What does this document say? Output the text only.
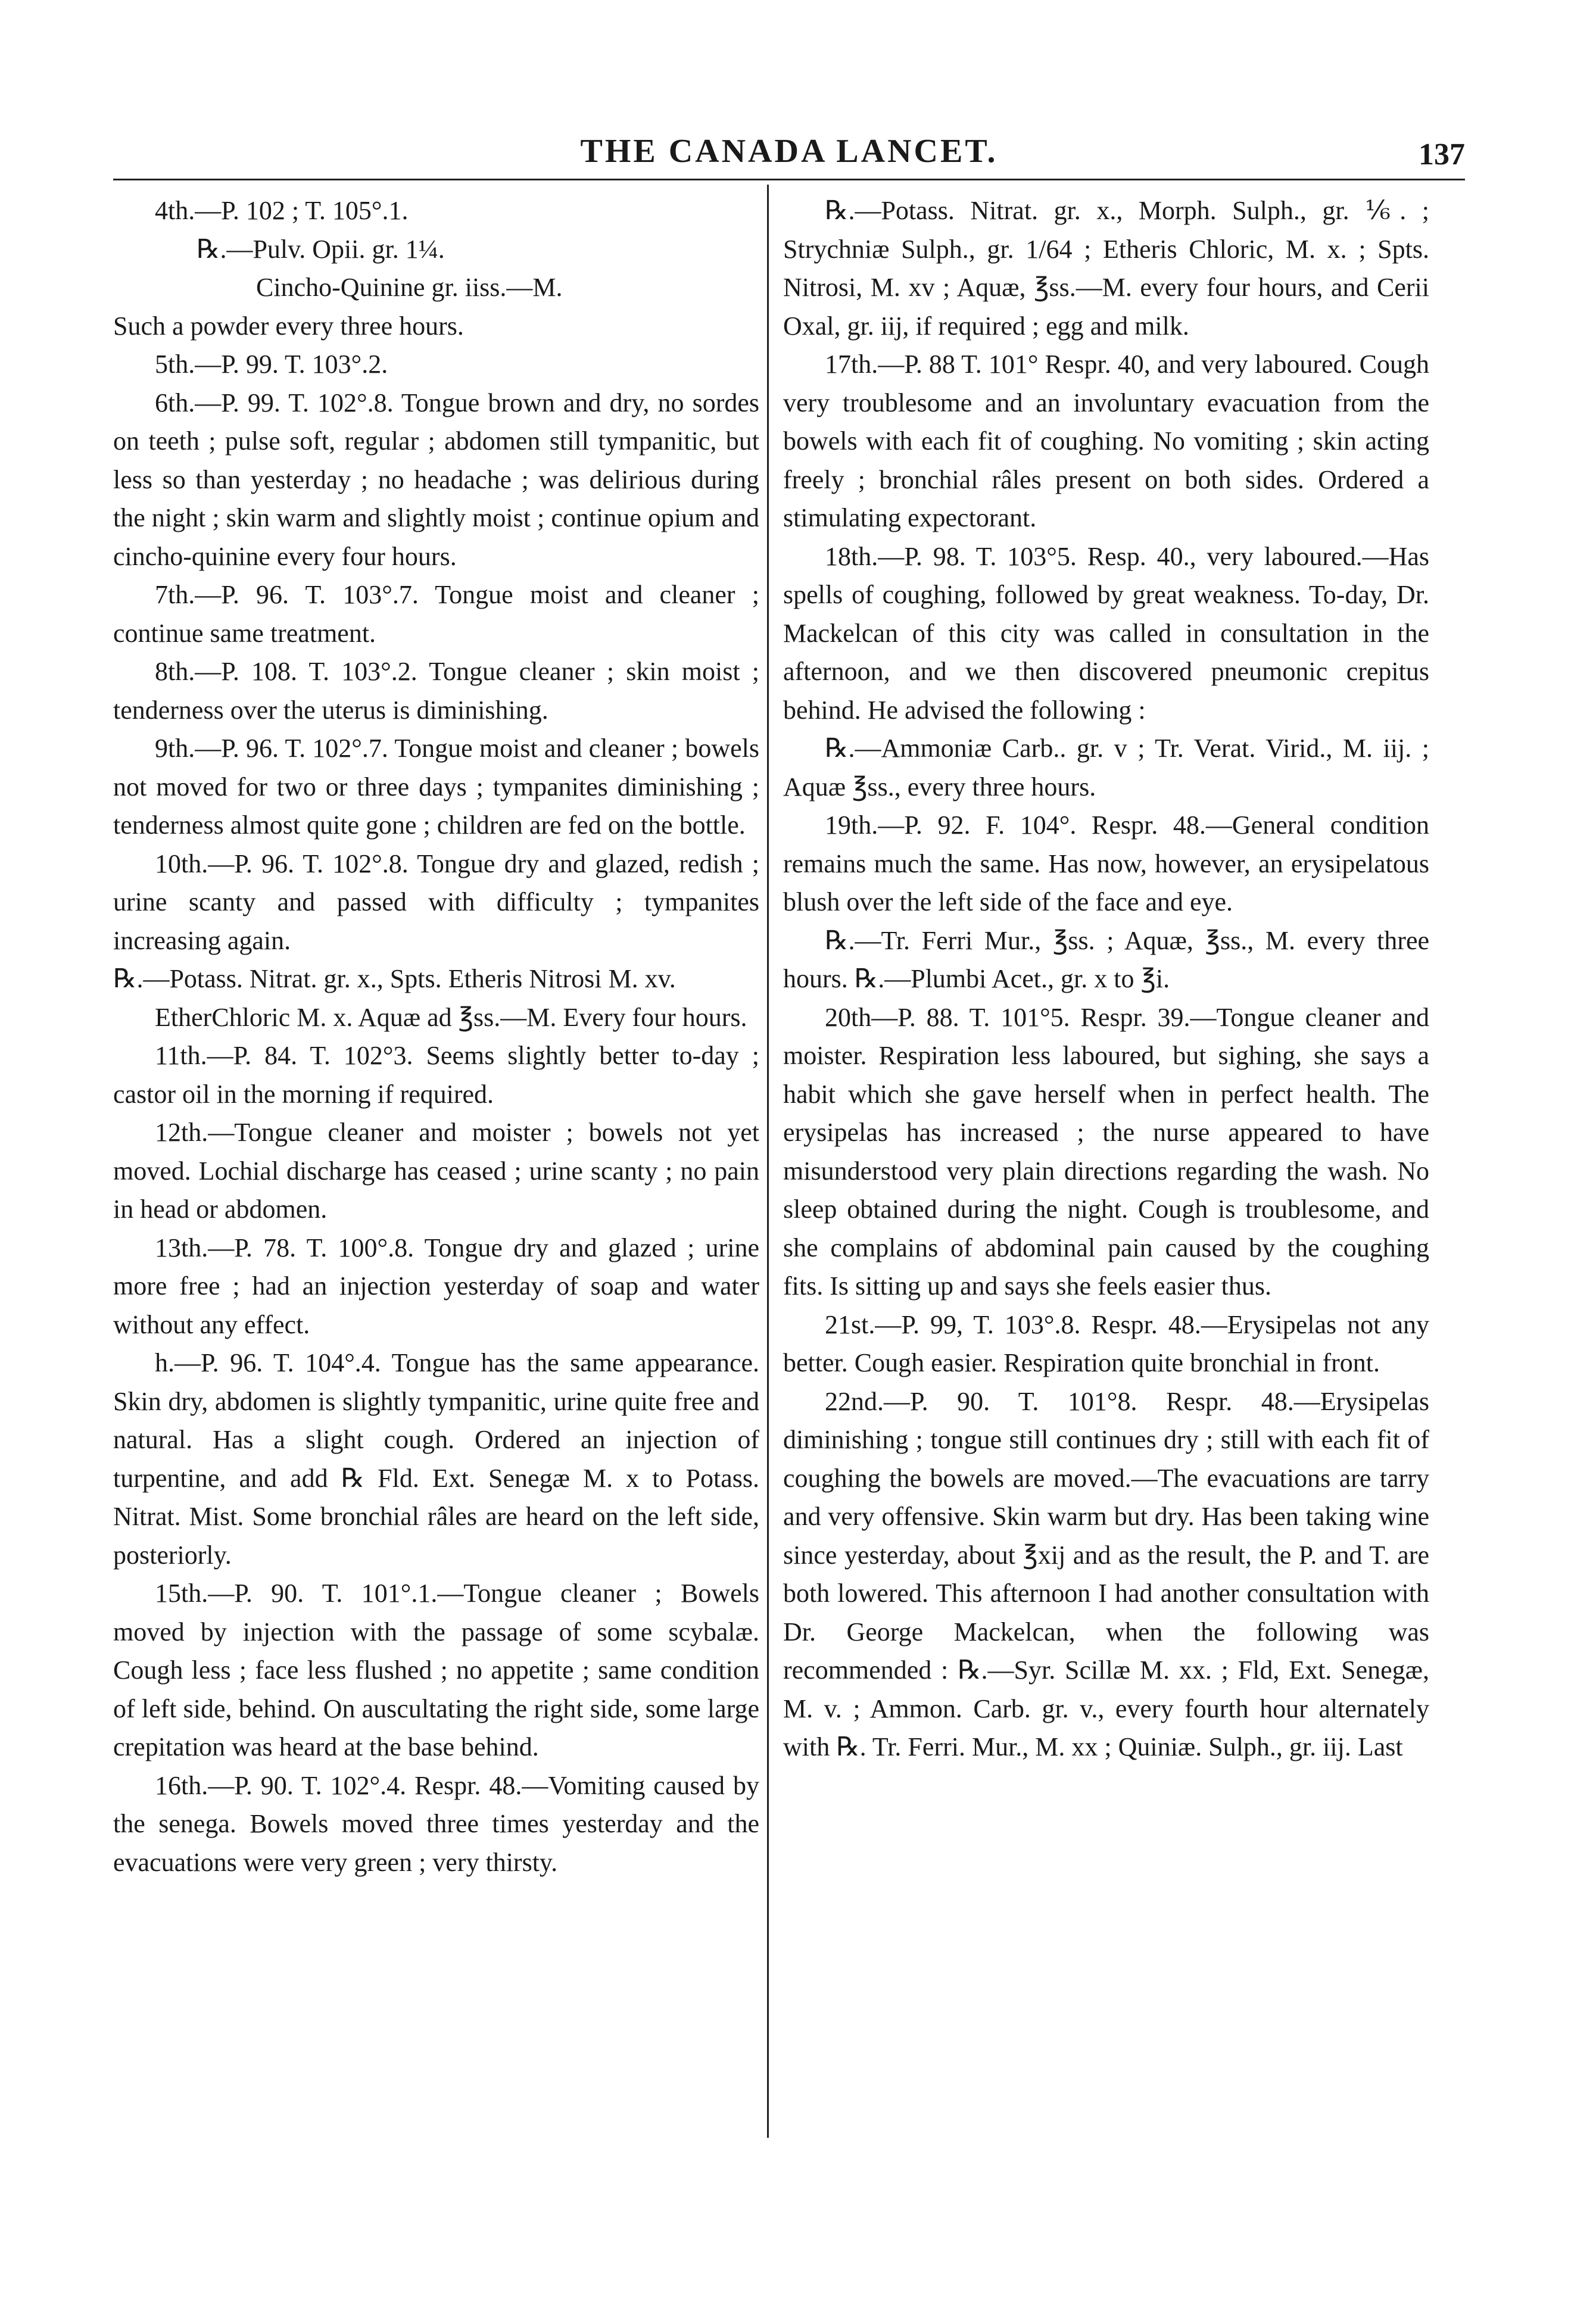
THE CANADA LANCET.	137

4th.—P. 102 ; T. 105°.1.

℞.—Pulv. Opii. gr. 1¼.

Cincho-Quinine gr. iiss.—M.

Such a powder every three hours.

5th.—P. 99. T. 103°.2.

6th.—P. 99. T. 102°.8. Tongue brown and dry, no sordes on teeth ; pulse soft, regular ; abdomen still tympanitic, but less so than yesterday ; no headache ; was delirious during the night ; skin warm and slightly moist ; continue opium and cincho-quinine every four hours.

7th.—P. 96. T. 103°.7. Tongue moist and cleaner ; continue same treatment.

8th.—P. 108. T. 103°.2. Tongue cleaner ; skin moist ; tenderness over the uterus is diminishing.

9th.—P. 96. T. 102°.7. Tongue moist and cleaner ; bowels not moved for two or three days ; tympanites diminishing ; tenderness almost quite gone ; children are fed on the bottle.

10th.—P. 96. T. 102°.8. Tongue dry and glazed, redish ; urine scanty and passed with difficulty ; tympanites increasing again.

℞.—Potass. Nitrat. gr. x., Spts. Etheris Nitrosi M. xv.

EtherChloric M. x. Aquæ ad ℥ss.—M. Every four hours.

11th.—P. 84. T. 102°3. Seems slightly better to-day ; castor oil in the morning if required.

12th.—Tongue cleaner and moister ; bowels not yet moved. Lochial discharge has ceased ; urine scanty ; no pain in head or abdomen.

13th.—P. 78. T. 100°.8. Tongue dry and glazed ; urine more free ; had an injection yesterday of soap and water without any effect.

h.—P. 96. T. 104°.4. Tongue has the same appearance. Skin dry, abdomen is slightly tympanitic, urine quite free and natural. Has a slight cough. Ordered an injection of turpentine, and add ℞ Fld. Ext. Senegæ M. x to Potass. Nitrat. Mist. Some bronchial râles are heard on the left side, posteriorly.

15th.—P. 90. T. 101°.1.—Tongue cleaner ; Bowels moved by injection with the passage of some scybalæ. Cough less ; face less flushed ; no appetite ; same condition of left side, behind. On auscultating the right side, some large crepitation was heard at the base behind.

16th.—P. 90. T. 102°.4. Respr. 48.—Vomiting caused by the senega. Bowels moved three times yesterday and the evacuations were very green ; very thirsty.

℞.—Potass. Nitrat. gr. x., Morph. Sulph., gr. ⅙. ; Strychniæ Sulph., gr. 1/64 ; Etheris Chloric, M. x. ; Spts. Nitrosi, M. xv ; Aquæ, ℥ss.—M. every four hours, and Cerii Oxal, gr. iij, if required ; egg and milk.

17th.—P. 88 T. 101° Respr. 40, and very laboured. Cough very troublesome and an involuntary evacuation from the bowels with each fit of coughing. No vomiting ; skin acting freely ; bronchial râles present on both sides. Ordered a stimulating expectorant.

18th.—P. 98. T. 103°5. Resp. 40., very laboured.—Has spells of coughing, followed by great weakness. To-day, Dr. Mackelcan of this city was called in consultation in the afternoon, and we then discovered pneumonic crepitus behind. He advised the following :

℞.—Ammoniæ Carb.. gr. v ; Tr. Verat. Virid., M. iij. ; Aquæ ℥ss., every three hours.

19th.—P. 92. F. 104°. Respr. 48.—General condition remains much the same. Has now, however, an erysipelatous blush over the left side of the face and eye.

℞.—Tr. Ferri Mur., ℥ss. ; Aquæ, ℥ss., M. every three hours. ℞.—Plumbi Acet., gr. x to ℥i.

20th—P. 88. T. 101°5. Respr. 39.—Tongue cleaner and moister. Respiration less laboured, but sighing, she says a habit which she gave herself when in perfect health. The erysipelas has increased ; the nurse appeared to have misunderstood very plain directions regarding the wash. No sleep obtained during the night. Cough is troublesome, and she complains of abdominal pain caused by the coughing fits. Is sitting up and says she feels easier thus.

21st.—P. 99, T. 103°.8. Respr. 48.—Erysipelas not any better. Cough easier. Respiration quite bronchial in front.

22nd.—P. 90. T. 101°8. Respr. 48.—Erysipelas diminishing ; tongue still continues dry ; still with each fit of coughing the bowels are moved.—The evacuations are tarry and very offensive. Skin warm but dry. Has been taking wine since yesterday, about ℥xij and as the result, the P. and T. are both lowered. This afternoon I had another consultation with Dr. George Mackelcan, when the following was recommended : ℞.—Syr. Scillæ M. xx. ; Fld, Ext. Senegæ, M. v. ; Ammon. Carb. gr. v., every fourth hour alternately with ℞. Tr. Ferri. Mur., M. xx ; Quiniæ. Sulph., gr. iij. Last
